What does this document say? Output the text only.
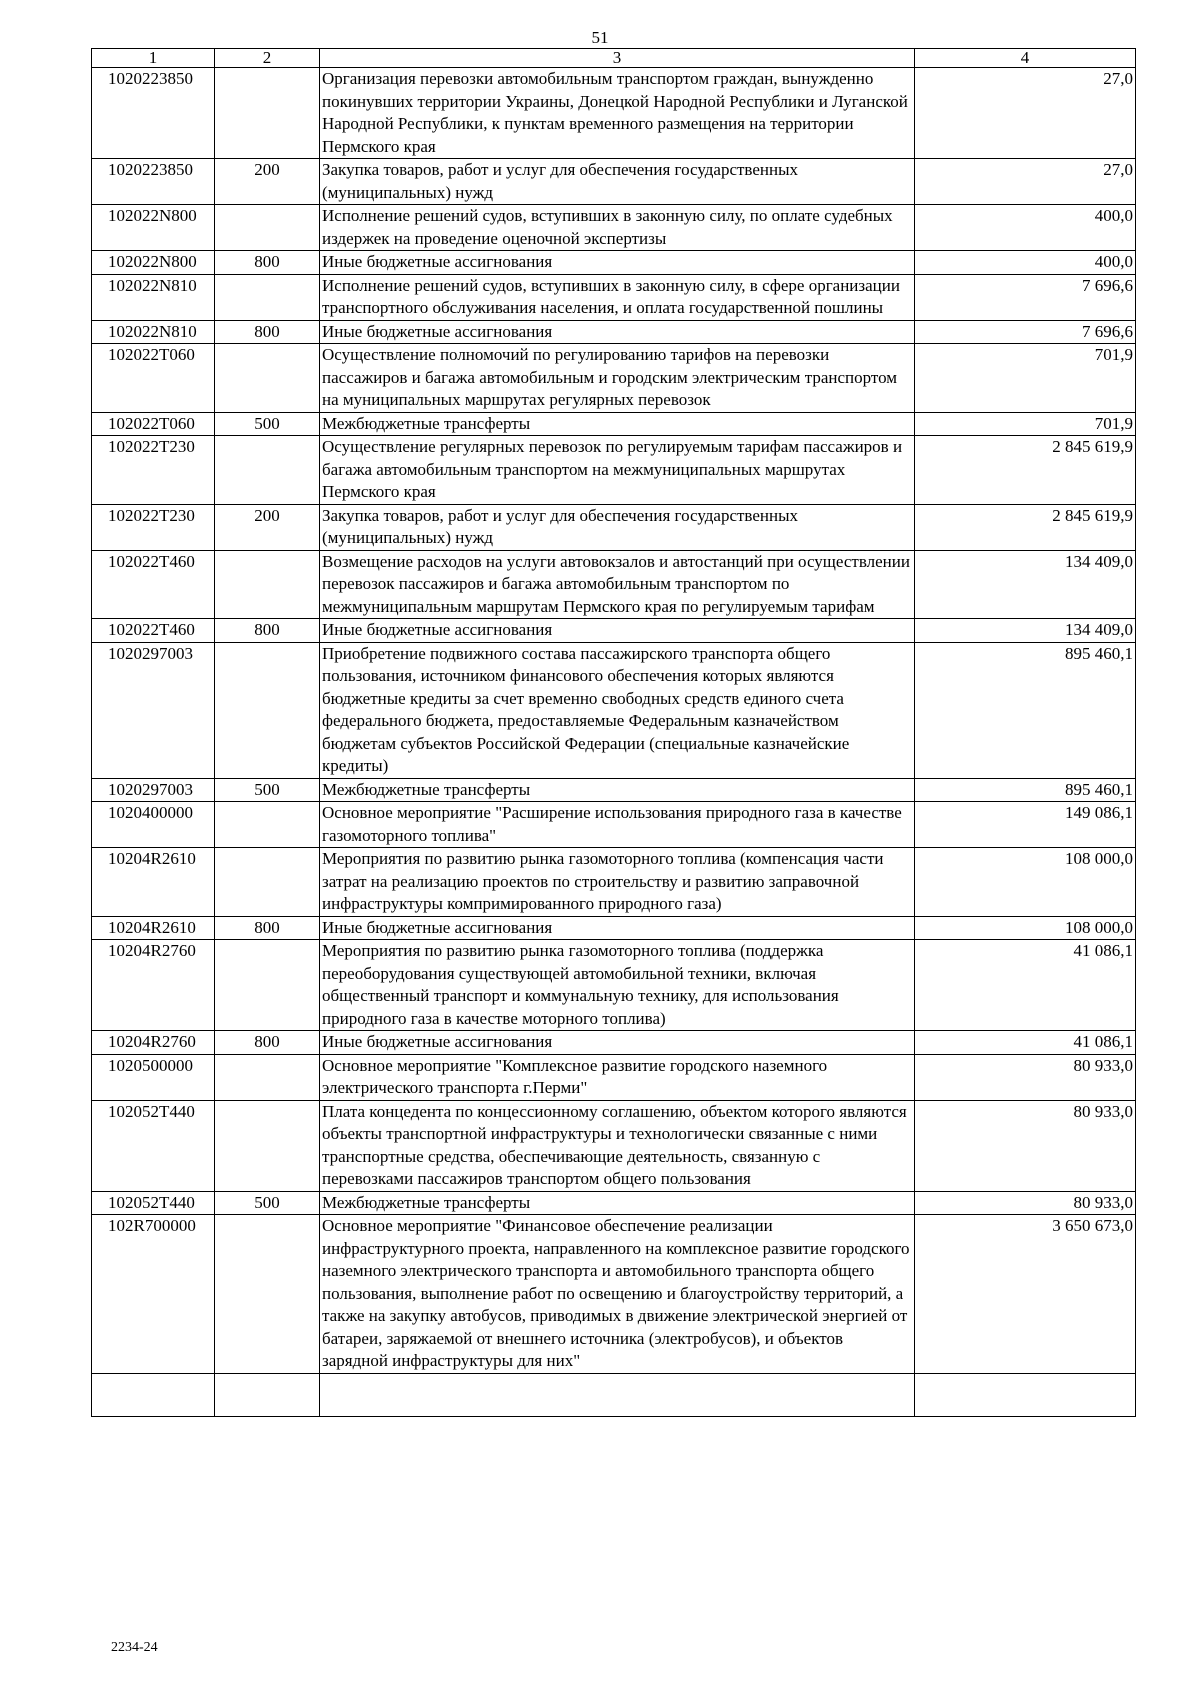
51
1	2	3	4
1020223850		Организация перевозки автомобильным транспортом граждан, вынужденно покинувших территории Украины, Донецкой Народной Республики и Луганской Народной Республики, к пунктам временного размещения на территории Пермского края	27,0
1020223850	200	Закупка товаров, работ и услуг для обеспечения государственных (муниципальных) нужд	27,0
102022N800		Исполнение решений судов, вступивших в законную силу, по оплате судебных издержек на проведение оценочной экспертизы	400,0
102022N800	800	Иные бюджетные ассигнования	400,0
102022N810		Исполнение решений судов, вступивших в законную силу, в сфере организации транспортного обслуживания населения, и оплата государственной пошлины	7 696,6
102022N810	800	Иные бюджетные ассигнования	7 696,6
102022Т060		Осуществление полномочий по регулированию тарифов на перевозки пассажиров и багажа автомобильным и городским электрическим транспортом на муниципальных маршрутах регулярных перевозок	701,9
102022Т060	500	Межбюджетные трансферты	701,9
102022Т230		Осуществление регулярных перевозок по регулируемым тарифам пассажиров и багажа автомобильным транспортом на межмуниципальных маршрутах Пермского края	2 845 619,9
102022Т230	200	Закупка товаров, работ и услуг для обеспечения государственных (муниципальных) нужд	2 845 619,9
102022Т460		Возмещение расходов на услуги автовокзалов и автостанций при осуществлении перевозок пассажиров и багажа автомобильным транспортом по межмуниципальным маршрутам Пермского края по регулируемым тарифам	134 409,0
102022Т460	800	Иные бюджетные ассигнования	134 409,0
1020297003		Приобретение подвижного состава пассажирского транспорта общего пользования, источником финансового обеспечения которых являются бюджетные кредиты за счет временно свободных средств единого счета федерального бюджета, предоставляемые Федеральным казначейством бюджетам субъектов Российской Федерации (специальные казначейские кредиты)	895 460,1
1020297003	500	Межбюджетные трансферты	895 460,1
1020400000		Основное мероприятие "Расширение использования природного газа в качестве газомоторного топлива"	149 086,1
10204R2610		Мероприятия по развитию рынка газомоторного топлива (компенсация части затрат на реализацию проектов по строительству и развитию заправочной инфраструктуры компримированного природного газа)	108 000,0
10204R2610	800	Иные бюджетные ассигнования	108 000,0
10204R2760		Мероприятия по развитию рынка газомоторного топлива (поддержка переоборудования существующей автомобильной техники, включая общественный транспорт и коммунальную технику, для использования природного газа в качестве моторного топлива)	41 086,1
10204R2760	800	Иные бюджетные ассигнования	41 086,1
1020500000		Основное мероприятие "Комплексное развитие городского наземного электрического транспорта г.Перми"	80 933,0
102052Т440		Плата концедента по концессионному соглашению, объектом которого являются объекты транспортной инфраструктуры и технологически связанные с ними транспортные средства, обеспечивающие деятельность, связанную с перевозками пассажиров транспортом общего пользования	80 933,0
102052Т440	500	Межбюджетные трансферты	80 933,0
102R700000		Основное мероприятие "Финансовое обеспечение реализации инфраструктурного проекта, направленного на комплексное развитие городского наземного электрического транспорта и автомобильного транспорта общего пользования, выполнение работ по освещению и благоустройству территорий, а также на закупку автобусов, приводимых в движение электрической энергией от батареи, заряжаемой от внешнего источника (электробусов), и объектов зарядной инфраструктуры для них"	3 650 673,0

2234-24
